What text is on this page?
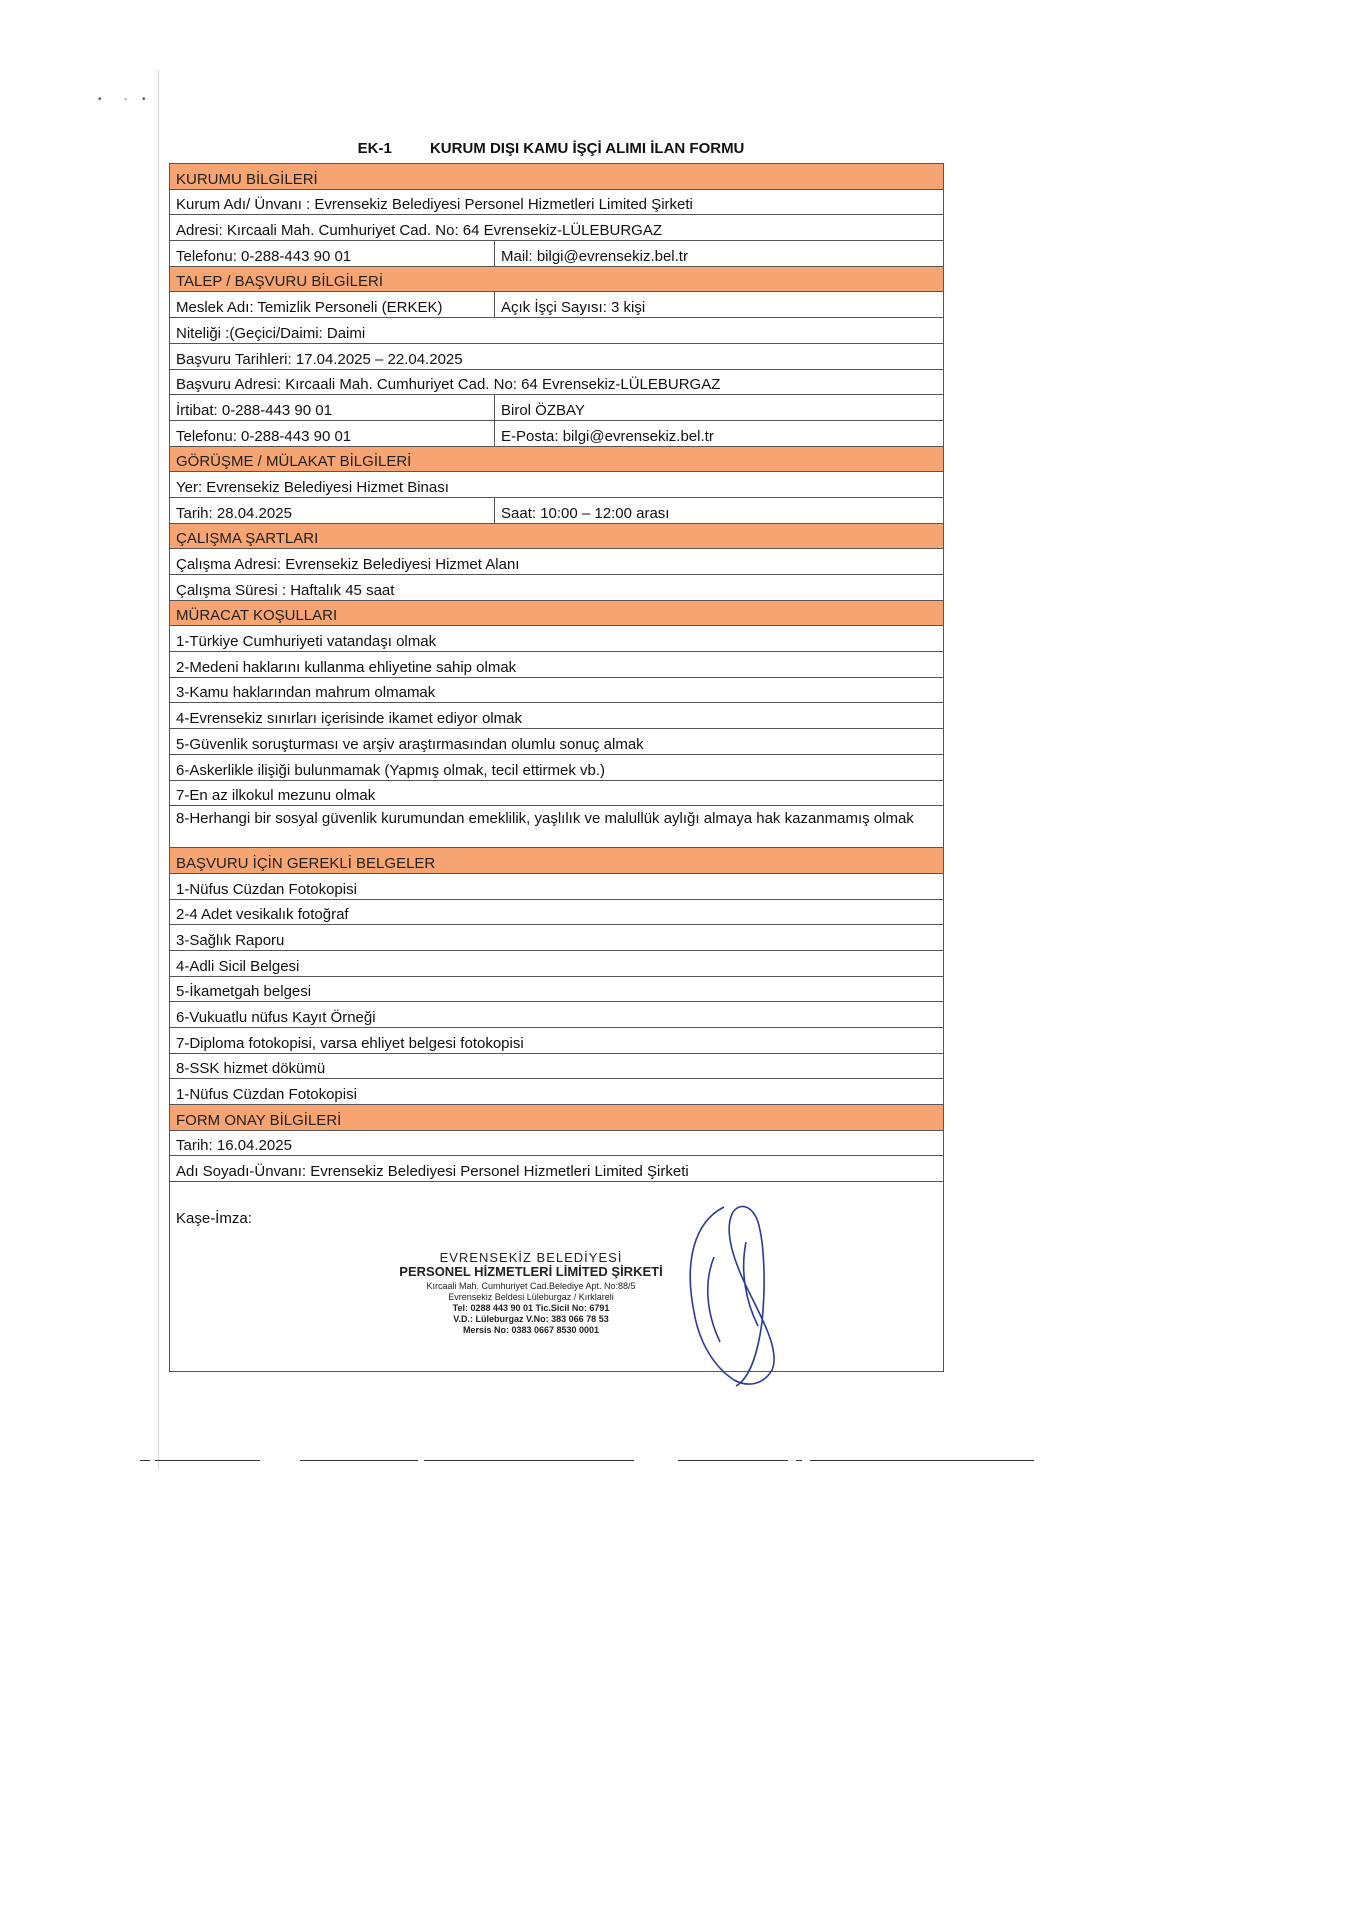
• - •
EK-1	KURUM DIŞI KAMU İŞÇİ ALIMI İLAN FORMU
KURUMU BİLGİLERİ
Kurum Adı/ Ünvanı : Evrensekiz Belediyesi Personel Hizmetleri Limited Şirketi
Adresi: Kırcaali Mah. Cumhuriyet Cad. No: 64 Evrensekiz-LÜLEBURGAZ
Telefonu: 0-288-443 90 01	Mail: bilgi@evrensekiz.bel.tr
TALEP / BAŞVURU BİLGİLERİ
Meslek Adı: Temizlik Personeli (ERKEK)	Açık İşçi Sayısı: 3 kişi
Niteliği :(Geçici/Daimi: Daimi
Başvuru Tarihleri: 17.04.2025 – 22.04.2025
Başvuru Adresi: Kırcaali Mah. Cumhuriyet Cad. No: 64 Evrensekiz-LÜLEBURGAZ
İrtibat: 0-288-443 90 01	Birol ÖZBAY
Telefonu: 0-288-443 90 01	E-Posta: bilgi@evrensekiz.bel.tr
GÖRÜŞME / MÜLAKAT BİLGİLERİ
Yer: Evrensekiz Belediyesi Hizmet Binası
Tarih: 28.04.2025	Saat: 10:00 – 12:00 arası
ÇALIŞMA ŞARTLARI
Çalışma Adresi: Evrensekiz Belediyesi Hizmet Alanı
Çalışma Süresi : Haftalık 45 saat
MÜRACAT KOŞULLARI
1-Türkiye Cumhuriyeti vatandaşı olmak
2-Medeni haklarını kullanma ehliyetine sahip olmak
3-Kamu haklarından mahrum olmamak
4-Evrensekiz sınırları içerisinde ikamet ediyor olmak
5-Güvenlik soruşturması ve arşiv araştırmasından olumlu sonuç almak
6-Askerlikle ilişiği bulunmamak (Yapmış olmak, tecil ettirmek vb.)
7-En az ilkokul mezunu olmak
8-Herhangi bir sosyal güvenlik kurumundan emeklilik, yaşlılık ve malullük aylığı almaya hak kazanmamış olmak
BAŞVURU İÇİN GEREKLİ BELGELER
1-Nüfus Cüzdan Fotokopisi
2-4 Adet vesikalık fotoğraf
3-Sağlık Raporu
4-Adli Sicil Belgesi
5-İkametgah belgesi
6-Vukuatlu nüfus Kayıt Örneği
7-Diploma fotokopisi, varsa ehliyet belgesi fotokopisi
8-SSK hizmet dökümü
1-Nüfus Cüzdan Fotokopisi
FORM ONAY BİLGİLERİ
Tarih: 16.04.2025
Adı Soyadı-Ünvanı: Evrensekiz Belediyesi Personel Hizmetleri Limited Şirketi
Kaşe-İmza:
EVRENSEKİZ BELEDİYESİ
PERSONEL HİZMETLERİ LİMİTED ŞİRKETİ
Kırcaali Mah. Cumhuriyet Cad.Belediye Apt. No:88/5
Evrensekiz Beldesi Lüleburgaz / Kırklareli
Tel: 0288 443 90 01 Tic.Sicil No: 6791
V.D.: Lüleburgaz V.No: 383 066 78 53
Mersis No: 0383 0667 8530 0001
